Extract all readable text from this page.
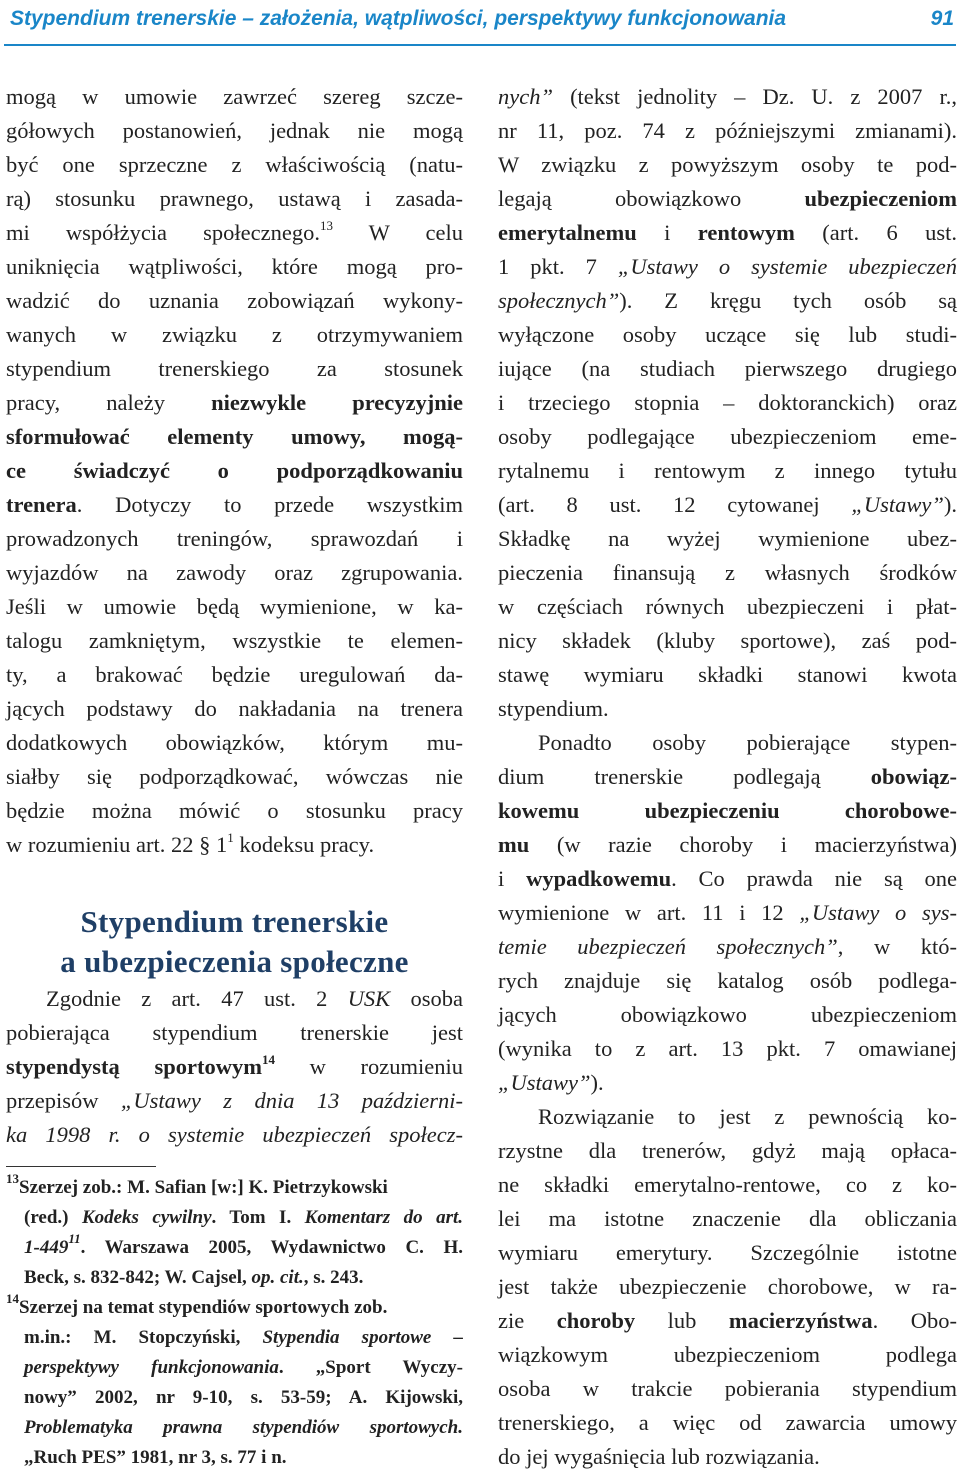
Stypendium trenerskie – założenia, wątpliwości, perspektywy funkcjonowania	91
mogą w umowie zawrzeć szereg szcze-
gółowych postanowień, jednak nie mogą
być one sprzeczne z właściwością (natu-
rą) stosunku prawnego, ustawą i zasada-
mi współżycia społecznego.$^{13}$ W celu
uniknięcia wątpliwości, które mogą pro-
wadzić do uznania zobowiązań wykony-
wanych w związku z otrzymywaniem
stypendium trenerskiego za stosunek
pracy, należy niezwykle precyzyjnie
sformułować elementy umowy, mogą-
ce świadczyć o podporządkowaniu
trenera. Dotyczy to przede wszystkim
prowadzonych treningów, sprawozdań i
wyjazdów na zawody oraz zgrupowania.
Jeśli w umowie będą wymienione, w ka-
talogu zamkniętym, wszystkie te elemen-
ty, a brakować będzie uregulowań da-
jących podstawy do nakładania na trenera
dodatkowych obowiązków, którym mu-
siałby się podporządkować, wówczas nie
będzie można mówić o stosunku pracy
w rozumieniu art. 22 § $1^1$ kodeksu pracy.
Stypendium trenerskie
a ubezpieczenia społeczne
Zgodnie z art. 47 ust. 2 USK osoba
pobierająca stypendium trenerskie jest
stypendystą sportowym$^{14}$ w rozumieniu
przepisów „Ustawy z dnia 13 październi-
ka 1998 r. o systemie ubezpieczeń społecz-
$^{13}$Szerzej zob.: M. Safian [w:] K. Pietrzykowski
(red.) Kodeks cywilny. Tom I. Komentarz do art.
$1-449^{11}$. Warszawa 2005, Wydawnictwo C. H.
Beck, s. 832-842; W. Cajsel, op. cit., s. 243.
$^{14}$Szerzej na temat stypendiów sportowych zob.
m.in.: M. Stopczyński, Stypendia sportowe –
perspektywy funkcjonowania. „Sport Wyczy-
nowy” 2002, nr 9-10, s. 53-59; A. Kijowski,
Problematyka prawna stypendiów sportowych.
„Ruch PES” 1981, nr 3, s. 77 i n.
nych” (tekst jednolity – Dz. U. z 2007 r.,
nr 11, poz. 74 z późniejszymi zmianami).
W związku z powyższym osoby te pod-
legają obowiązkowo ubezpieczeniom
emerytalnemu i rentowym (art. 6 ust.
1 pkt. 7 „Ustawy o systemie ubezpieczeń
społecznych”). Z kręgu tych osób są
wyłączone osoby uczące się lub studi-
iujące (na studiach pierwszego drugiego
i trzeciego stopnia – doktoranckich) oraz
osoby podlegające ubezpieczeniom eme-
rytalnemu i rentowym z innego tytułu
(art. 8 ust. 12 cytowanej „Ustawy”).
Składkę na wyżej wymienione ubez-
pieczenia finansują z własnych środków
w częściach równych ubezpieczeni i płat-
nicy składek (kluby sportowe), zaś pod-
stawę wymiaru składki stanowi kwota
stypendium.
Ponadto osoby pobierające stypen-
dium trenerskie podlegają obowiąz-
kowemu ubezpieczeniu chorobowe-
mu (w razie choroby i macierzyństwa)
i wypadkowemu. Co prawda nie są one
wymienione w art. 11 i 12 „Ustawy o sys-
temie ubezpieczeń społecznych”, w któ-
rych znajduje się katalog osób podlega-
jących obowiązkowo ubezpieczeniom
(wynika to z art. 13 pkt. 7 omawianej
„Ustawy”).
Rozwiązanie to jest z pewnością ko-
rzystne dla trenerów, gdyż mają opłaca-
ne składki emerytalno-rentowe, co z ko-
lei ma istotne znaczenie dla obliczania
wymiaru emerytury. Szczególnie istotne
jest także ubezpieczenie chorobowe, w ra-
zie choroby lub macierzyństwa. Obo-
wiązkowym ubezpieczeniom podlega
osoba w trakcie pobierania stypendium
trenerskiego, a więc od zawarcia umowy
do jej wygaśnięcia lub rozwiązania.
